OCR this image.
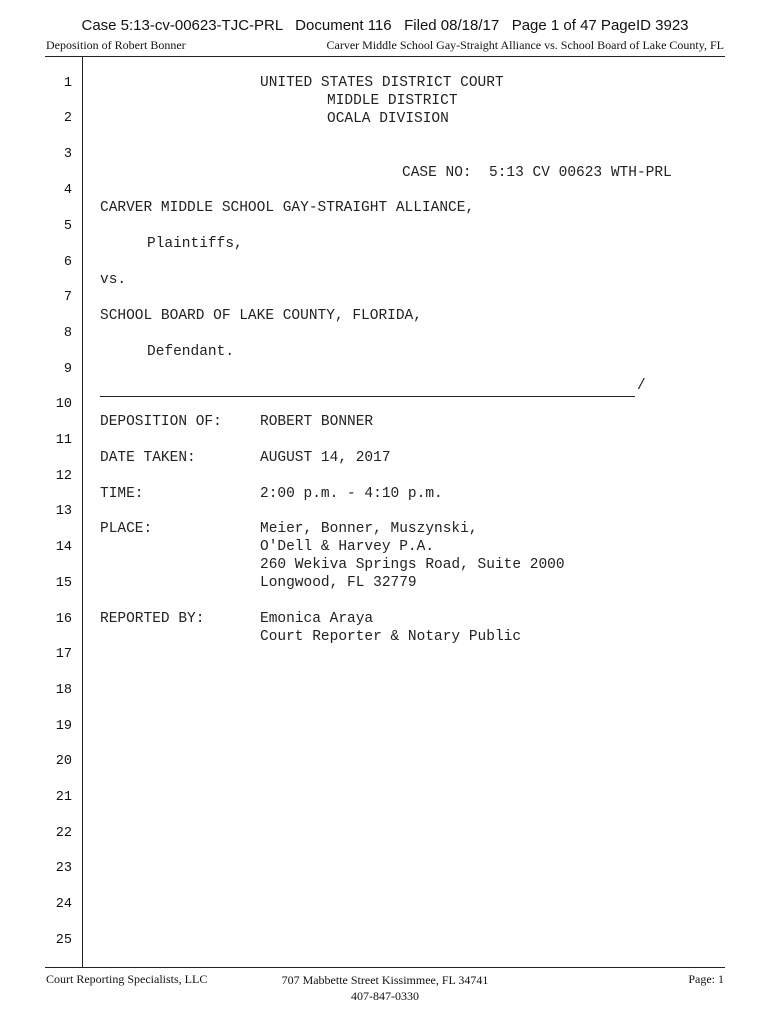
Case 5:13-cv-00623-TJC-PRL   Document 116   Filed 08/18/17   Page 1 of 47 PageID 3923
Deposition of Robert Bonner	Carver Middle School Gay-Straight Alliance vs. School Board of Lake County, FL
1
2
3
4
5
6
7
8
9
10
11
12
13
14
15
16
17
18
19
20
21
22
23
24
25
UNITED STATES DISTRICT COURT
MIDDLE DISTRICT
OCALA DIVISION
CASE NO:  5:13 CV 00623 WTH-PRL
CARVER MIDDLE SCHOOL GAY-STRAIGHT ALLIANCE,
Plaintiffs,
vs.
SCHOOL BOARD OF LAKE COUNTY, FLORIDA,
Defendant.
/
DEPOSITION OF:	ROBERT BONNER
DATE TAKEN:	AUGUST 14, 2017
TIME:	2:00 p.m. - 4:10 p.m.
PLACE:	Meier, Bonner, Muszynski,
O'Dell & Harvey P.A.
260 Wekiva Springs Road, Suite 2000
Longwood, FL 32779
REPORTED BY:	Emonica Araya
Court Reporter & Notary Public
Court Reporting Specialists, LLC	707 Mabbette Street Kissimmee, FL 34741
407-847-0330
Page: 1
